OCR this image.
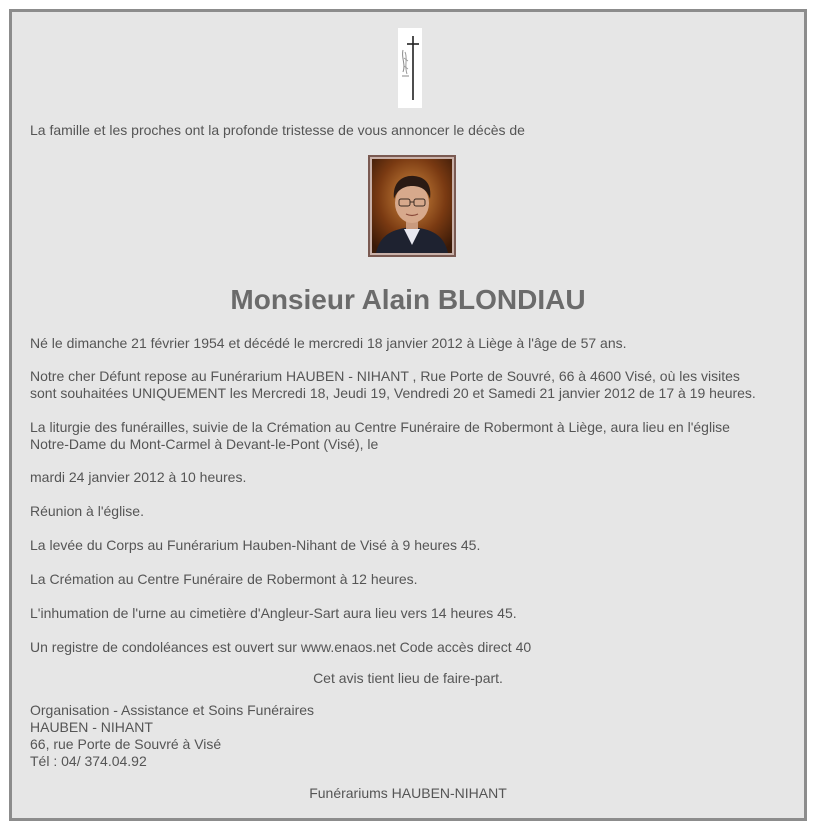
La famille et les proches ont la profonde tristesse de vous annoncer le décès de
Monsieur Alain BLONDIAU
Né le dimanche 21 février 1954 et décédé le mercredi 18 janvier 2012 à Liège à l'âge de 57 ans.
Notre cher Défunt repose au Funérarium HAUBEN - NIHANT , Rue Porte de Souvré, 66 à 4600 Visé, où les visites
sont souhaitées UNIQUEMENT les Mercredi 18, Jeudi 19, Vendredi 20 et Samedi 21 janvier 2012 de 17 à 19 heures.
La liturgie des funérailles, suivie de la Crémation au Centre Funéraire de Robermont à Liège, aura lieu en l'église
Notre-Dame du Mont-Carmel à Devant-le-Pont (Visé), le
mardi 24 janvier 2012 à 10 heures.
Réunion à l'église.
La levée du Corps au Funérarium Hauben-Nihant de Visé à 9 heures 45.
La Crémation au Centre Funéraire de Robermont à 12 heures.
L'inhumation de l'urne au cimetière d'Angleur-Sart aura lieu vers 14 heures 45.
Un registre de condoléances est ouvert sur www.enaos.net Code accès direct 40
Cet avis tient lieu de faire-part.
Organisation - Assistance et Soins Funéraires
HAUBEN - NIHANT
66, rue Porte de Souvré à Visé
Tél : 04/ 374.04.92
Funérariums HAUBEN-NIHANT
